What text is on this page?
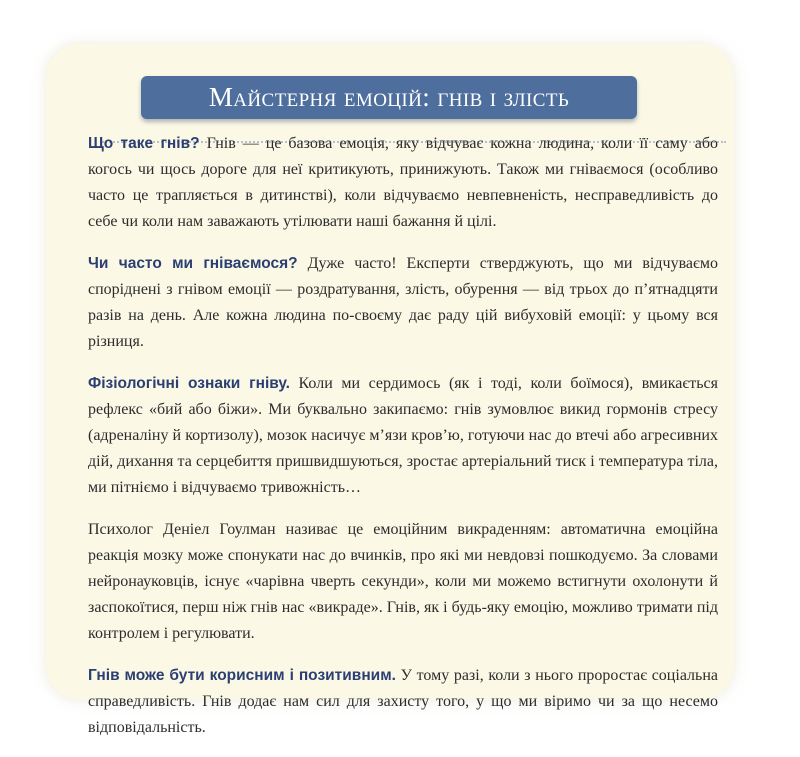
Майстерня емоцій: гнів і злість

Що таке гнів? Гнів — це базова емоція, яку відчуває кожна людина, коли її саму або когось чи щось дороге для неї критикують, принижують. Також ми гніваємося (особливо часто це трапляється в дитинстві), коли відчуваємо невпевненість, несправедливість до себе чи коли нам заважають утілювати наші бажання й цілі.

Чи часто ми гніваємося? Дуже часто! Експерти стверджують, що ми відчуваємо споріднені з гнівом емоції — роздратування, злість, обурення — від трьох до п’ятнадцяти разів на день. Але кожна людина по-своєму дає раду цій вибуховій емоції: у цьому вся різниця.

Фізіологічні ознаки гніву. Коли ми сердимось (як і тоді, коли боїмося), вмикається рефлекс «бий або біжи». Ми буквально закипаємо: гнів зумовлює викид гормонів стресу (адреналіну й кортизолу), мозок насичує м’язи кров’ю, готуючи нас до втечі або агресивних дій, дихання та серцебиття пришвидшуються, зростає артеріальний тиск і температура тіла, ми пітніємо і відчуваємо тривожність…

Психолог Деніел Гоулман називає це емоційним викраденням: автоматична емоційна реакція мозку може спонукати нас до вчинків, про які ми невдовзі пошкодуємо. За словами нейронауковців, існує «чарівна чверть секунди», коли ми можемо встигнути охолонути й заспокоїтися, перш ніж гнів нас «викраде». Гнів, як і будь-яку емоцію, можливо тримати під контролем і регулювати.

Гнів може бути корисним і позитивним. У тому разі, коли з нього проростає соціальна справедливість. Гнів додає нам сил для захисту того, у що ми віримо чи за що несемо відповідальність.
